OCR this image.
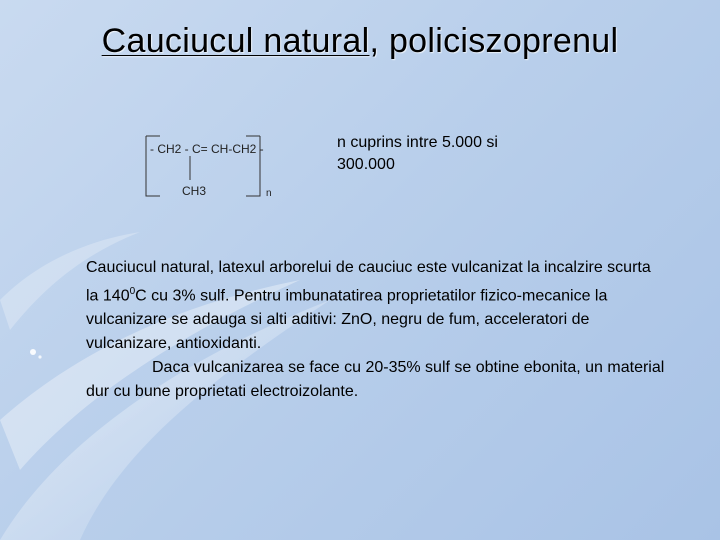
Cauciucul natural, policiszoprenul
- CH2 - C= CH-CH2 -
CH3	n
n cuprins intre 5.000 si
300.000

Cauciucul natural, latexul arborelui de cauciuc este vulcanizat la incalzire scurta la $140^0C$ cu 3% sulf. Pentru imbunatatirea proprietatilor fizico-mecanice la vulcanizare se adauga si alti aditivi: ZnO, negru de fum, acceleratori de vulcanizare, antioxidanti.

Daca vulcanizarea se face cu 20-35% sulf se obtine ebonita, un material dur cu bune proprietati electroizolante.
